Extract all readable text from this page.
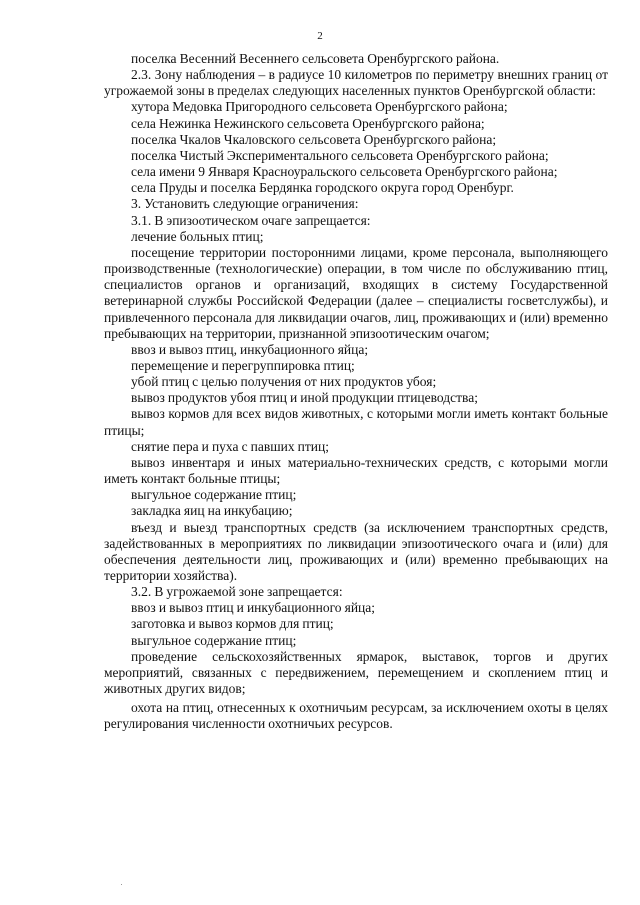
2

поселка Весенний Весеннего сельсовета Оренбургского района.

2.3. Зону наблюдения – в радиусе 10 километров по периметру внешних границ от угрожаемой зоны в пределах следующих населенных пунктов Оренбургской области:

хутора Медовка Пригородного сельсовета Оренбургского района;

села Нежинка Нежинского сельсовета Оренбургского района;

поселка Чкалов Чкаловского сельсовета Оренбургского района;

поселка Чистый Экспериментального сельсовета Оренбургского района;

села имени 9 Января Красноуральского сельсовета Оренбургского района;

села Пруды и поселка Бердянка городского округа город Оренбург.

3. Установить следующие ограничения:

3.1. В эпизоотическом очаге запрещается:

лечение больных птиц;

посещение территории посторонними лицами, кроме персонала, выполняющего производственные (технологические) операции, в том числе по обслуживанию птиц, специалистов органов и организаций, входящих в систему Государственной ветеринарной службы Российской Федерации (далее – специалисты госветслужбы), и привлеченного персонала для ликвидации очагов, лиц, проживающих и (или) временно пребывающих на территории, признанной эпизоотическим очагом;

ввоз и вывоз птиц, инкубационного яйца;

перемещение и перегруппировка птиц;

убой птиц с целью получения от них продуктов убоя;

вывоз продуктов убоя птиц и иной продукции птицеводства;

вывоз кормов для всех видов животных, с которыми могли иметь контакт больные птицы;

снятие пера и пуха с павших птиц;

вывоз инвентаря и иных материально-технических средств, с которыми могли иметь контакт больные птицы;

выгульное содержание птиц;

закладка яиц на инкубацию;

въезд и выезд транспортных средств (за исключением транспортных средств, задействованных в мероприятиях по ликвидации эпизоотического очага и (или) для обеспечения деятельности лиц, проживающих и (или) временно пребывающих на территории хозяйства).

3.2. В угрожаемой зоне запрещается:

ввоз и вывоз птиц и инкубационного яйца;

заготовка и вывоз кормов для птиц;

выгульное содержание птиц;

проведение сельскохозяйственных ярмарок, выставок, торгов и других мероприятий, связанных с передвижением, перемещением и скоплением птиц и животных других видов;

охота на птиц, отнесенных к охотничьим ресурсам, за исключением охоты в целях регулирования численности охотничьих ресурсов.
